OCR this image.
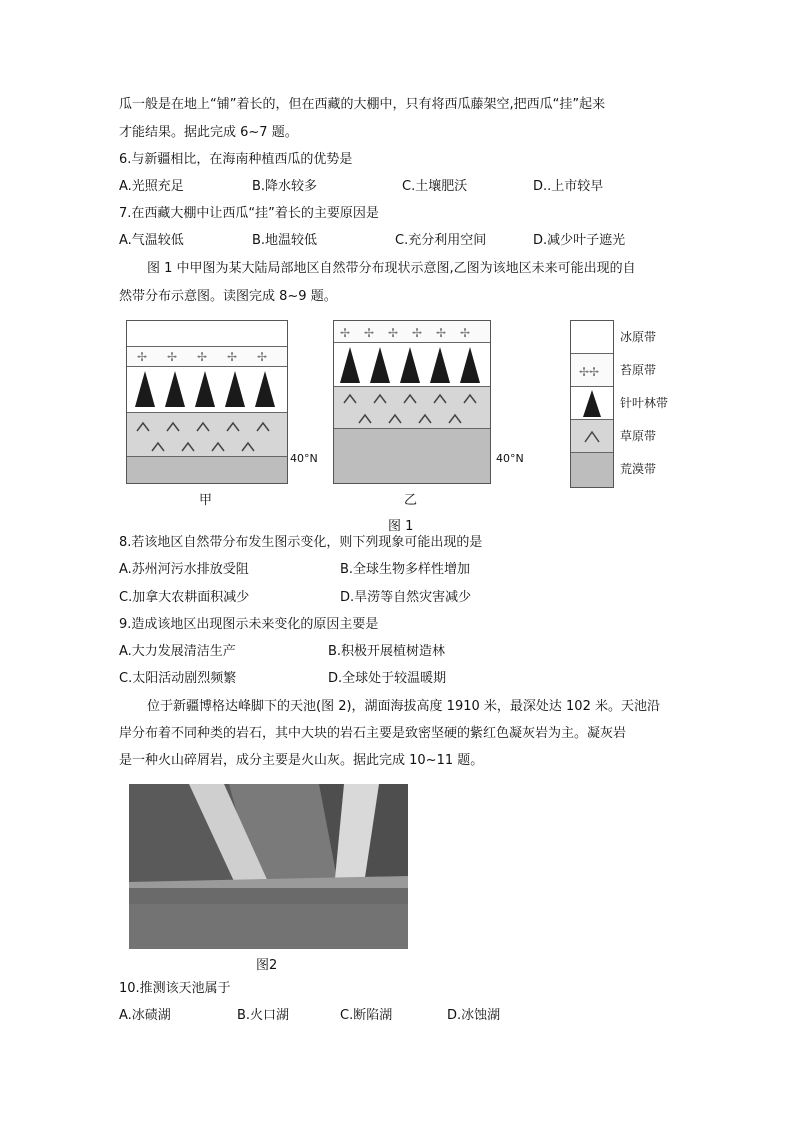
瓜一般是在地上“铺”着长的，但在西藏的大棚中，只有将西瓜藤架空,把西瓜“挂”起来
才能结果。据此完成 6~7 题。
6.与新疆相比，在海南种植西瓜的优势是
A.光照充足	B.降水较多	C.土壤肥沃	D..上市较早
7.在西藏大棚中让西瓜“挂”着长的主要原因是
A.气温较低	B.地温较低	C.充分利用空间	D.减少叶子遮光
图 1 中甲图为某大陆局部地区自然带分布现状示意图,乙图为该地区未来可能出现的自
然带分布示意图。读图完成 8~9 题。
✢ ✢ ✢ ✢ ✢
40°N
甲
✢ ✢ ✢ ✢ ✢ ✢
40°N
乙
✢✢
冰原带
苔原带
针叶林带
草原带
荒漠带
图 1
8.若该地区自然带分布发生图示变化，则下列现象可能出现的是
A.苏州河污水排放受阻	B.全球生物多样性增加
C.加拿大农耕面积减少	D.旱涝等自然灾害减少
9.造成该地区出现图示未来变化的原因主要是
A.大力发展清洁生产	B.积极开展植树造林
C.太阳活动剧烈频繁	D.全球处于较温暖期
位于新疆博格达峰脚下的天池(图 2)，湖面海拔高度 1910 米，最深处达 102 米。天池沿
岸分布着不同种类的岩石，其中大块的岩石主要是致密坚硬的紫红色凝灰岩为主。凝灰岩
是一种火山碎屑岩，成分主要是火山灰。据此完成 10~11 题。
图2
10.推测该天池属于
A.冰碛湖	B.火口湖	C.断陷湖	D.冰蚀湖
